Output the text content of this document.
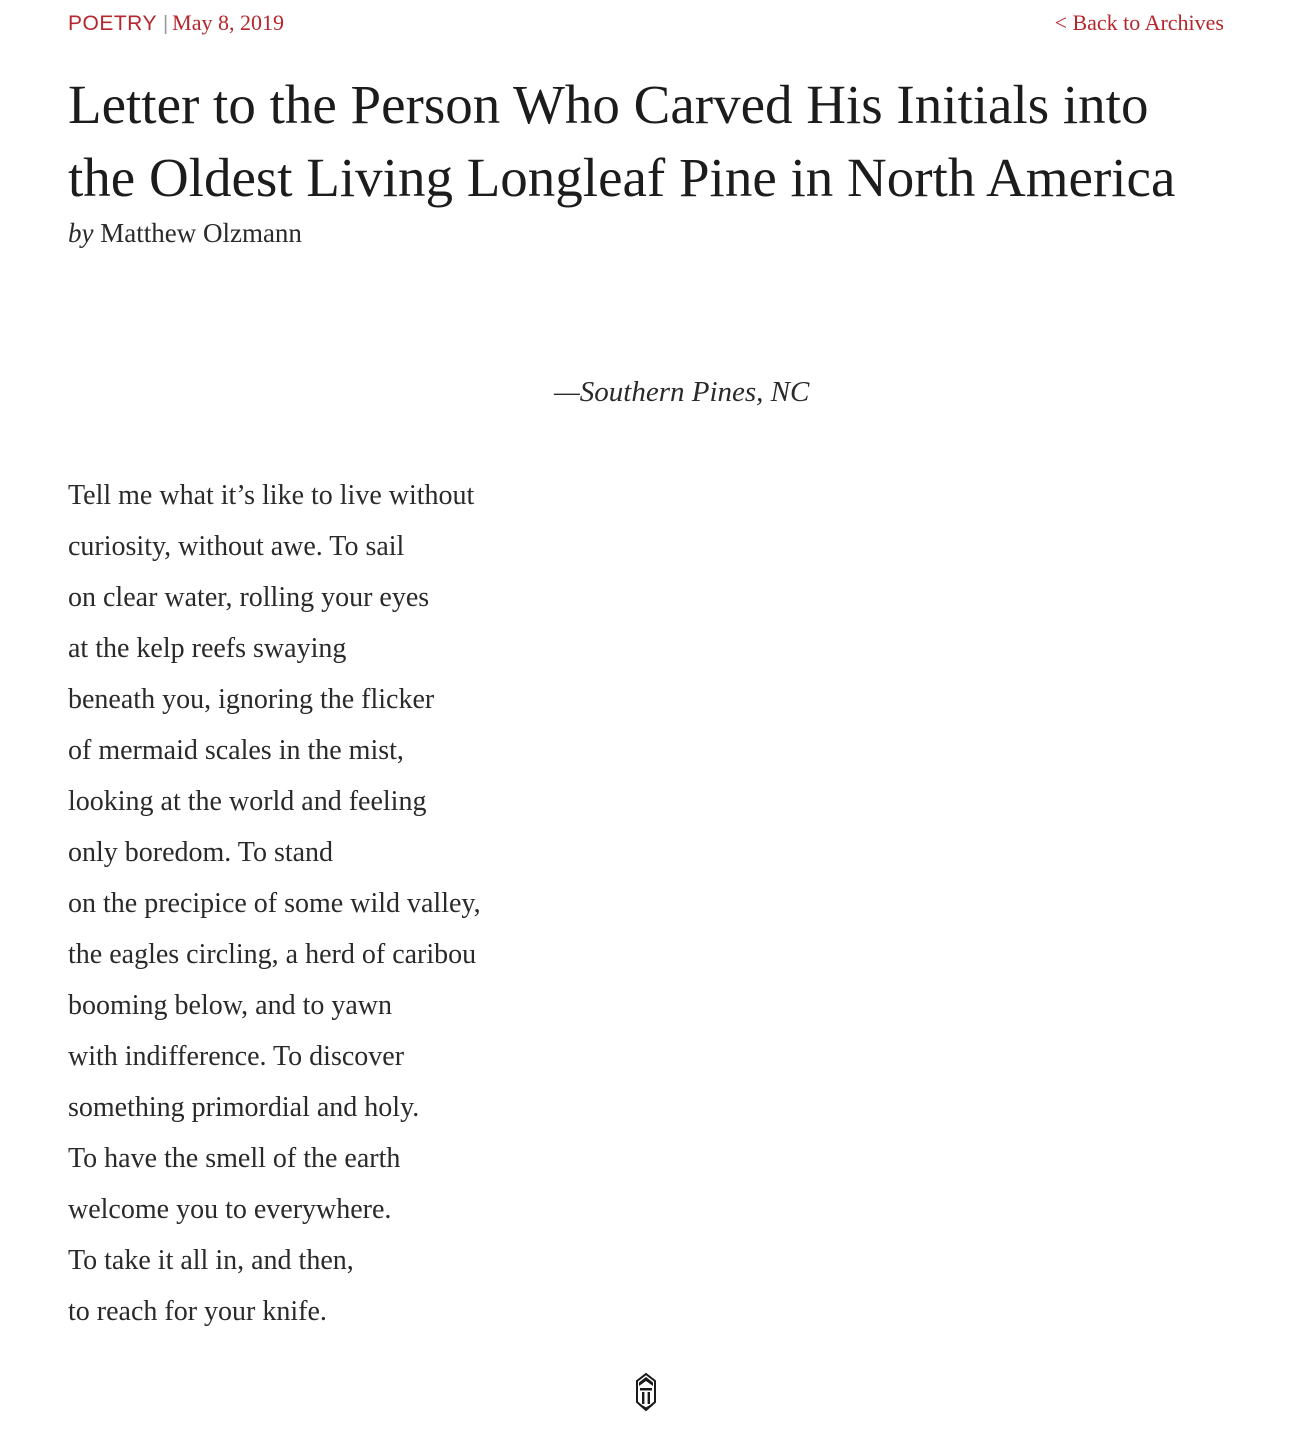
POETRY | May 8, 2019	< Back to Archives
Letter to the Person Who Carved His Initials into the Oldest Living Longleaf Pine in North America
by Matthew Olzmann
—Southern Pines, NC
Tell me what it’s like to live without
curiosity, without awe. To sail
on clear water, rolling your eyes
at the kelp reefs swaying
beneath you, ignoring the flicker
of mermaid scales in the mist,
looking at the world and feeling
only boredom. To stand
on the precipice of some wild valley,
the eagles circling, a herd of caribou
booming below, and to yawn
with indifference. To discover
something primordial and holy.
To have the smell of the earth
welcome you to everywhere.
To take it all in, and then,
to reach for your knife.
